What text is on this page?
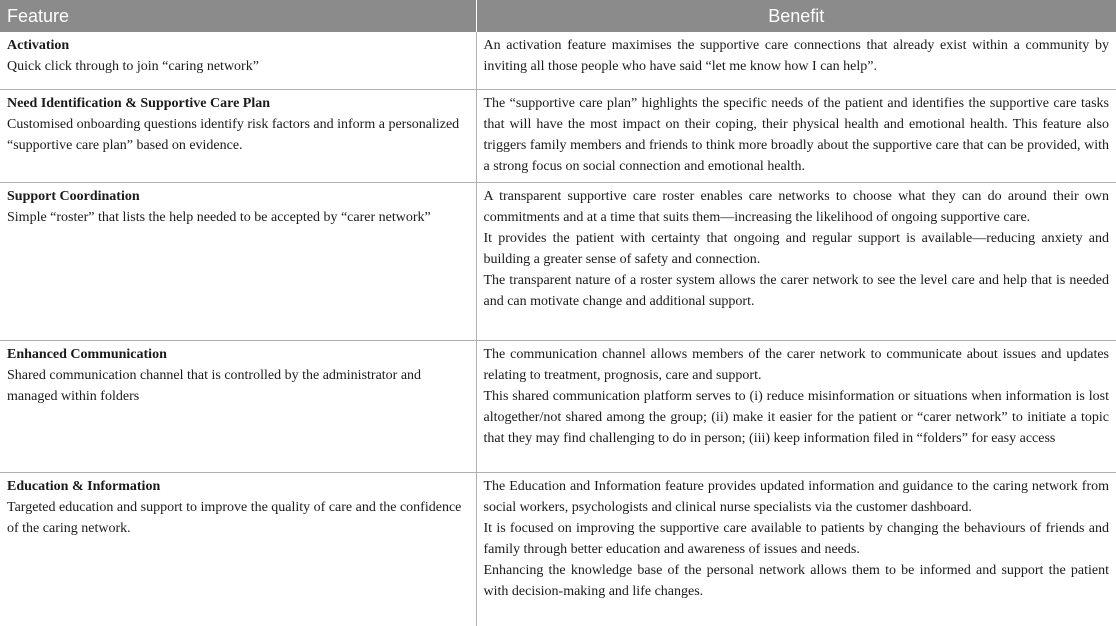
Feature	Benefit

Activation
Quick click through to join “caring network”	An activation feature maximises the supportive care connections that already exist within a community by inviting all those people who have said “let me know how I can help”.

Need Identification & Supportive Care Plan
Customised onboarding questions identify risk factors and inform a personalized “supportive care plan” based on evidence.	The “supportive care plan” highlights the specific needs of the patient and identifies the supportive care tasks that will have the most impact on their coping, their physical health and emotional health. This feature also triggers family members and friends to think more broadly about the supportive care that can be provided, with a strong focus on social connection and emotional health.

Support Coordination
Simple “roster” that lists the help needed to be accepted by “carer network”	A transparent supportive care roster enables care networks to choose what they can do around their own commitments and at a time that suits them—increasing the likelihood of ongoing supportive care.
It provides the patient with certainty that ongoing and regular support is available—reducing anxiety and building a greater sense of safety and connection.
The transparent nature of a roster system allows the carer network to see the level care and help that is needed and can motivate change and additional support.

Enhanced Communication
Shared communication channel that is controlled by the administrator and managed within folders	The communication channel allows members of the carer network to communicate about issues and updates relating to treatment, prognosis, care and support.
This shared communication platform serves to (i) reduce misinformation or situations when information is lost altogether/not shared among the group; (ii) make it easier for the patient or “carer network” to initiate a topic that they may find challenging to do in person; (iii) keep information filed in “folders” for easy access

Education & Information
Targeted education and support to improve the quality of care and the confidence of the caring network.	The Education and Information feature provides updated information and guidance to the caring network from social workers, psychologists and clinical nurse specialists via the customer dashboard.
It is focused on improving the supportive care available to patients by changing the behaviours of friends and family through better education and awareness of issues and needs.
Enhancing the knowledge base of the personal network allows them to be informed and support the patient with decision-making and life changes.
